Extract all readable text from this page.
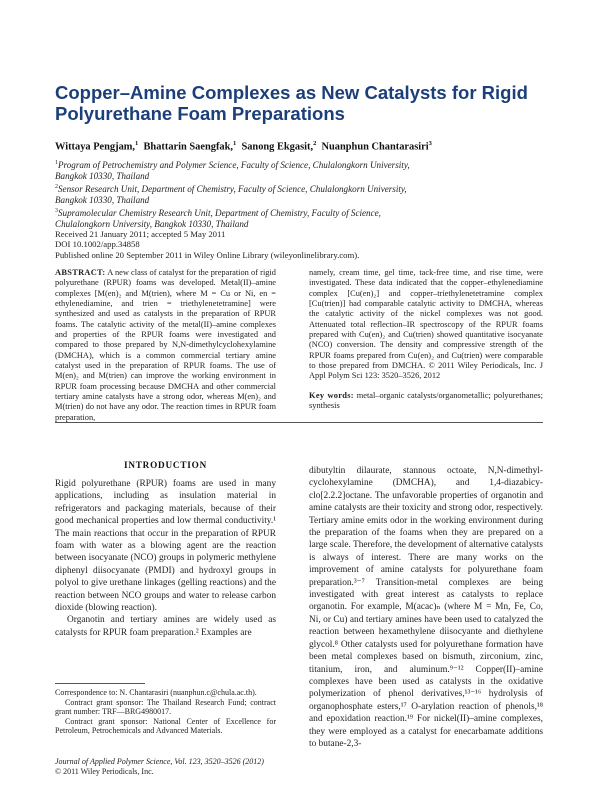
Copper–Amine Complexes as New Catalysts for Rigid
Polyurethane Foam Preparations
Wittaya Pengjam,$^1$ Bhattarin Saengfak,$^1$ Sanong Ekgasit,$^2$ Nuanphun Chantarasiri$^3$

$^1$Program of Petrochemistry and Polymer Science, Faculty of Science, Chulalongkorn University,
Bangkok 10330, Thailand

$^2$Sensor Research Unit, Department of Chemistry, Faculty of Science, Chulalongkorn University,
Bangkok 10330, Thailand

$^3$Supramolecular Chemistry Research Unit, Department of Chemistry, Faculty of Science,
Chulalongkorn University, Bangkok 10330, Thailand

Received 21 January 2011; accepted 5 May 2011
DOI 10.1002/app.34858
Published online 20 September 2011 in Wiley Online Library (wileyonlinelibrary.com).
ABSTRACT: A new class of catalyst for the preparation of rigid polyurethane (RPUR) foams was developed. Metal(II)–amine complexes [M(en)₂ and M(trien), where M = Cu or Ni, en = ethylenediamine, and trien = triethylenetetramine] were synthesized and used as catalysts in the preparation of RPUR foams. The catalytic activity of the metal(II)–amine complexes and properties of the RPUR foams were investigated and compared to those prepared by N,N-dimethylcyclohexylamine (DMCHA), which is a common commercial tertiary amine catalyst used in the preparation of RPUR foams. The use of M(en)₂ and M(trien) can improve the working environment in RPUR foam processing because DMCHA and other commercial tertiary amine catalysts have a strong odor, whereas M(en)₂ and M(trien) do not have any odor. The reaction times in RPUR foam preparation,
namely, cream time, gel time, tack-free time, and rise time, were investigated. These data indicated that the copper–ethylenediamine complex [Cu(en)₂] and copper–triethylenetetramine complex [Cu(trien)] had comparable catalytic activity to DMCHA, whereas the catalytic activity of the nickel complexes was not good. Attenuated total reflection–IR spectroscopy of the RPUR foams prepared with Cu(en)₂ and Cu(trien) showed quantitative isocyanate (NCO) conversion. The density and compressive strength of the RPUR foams prepared from Cu(en)₂ and Cu(trien) were comparable to those prepared from DMCHA. © 2011 Wiley Periodicals, Inc. J Appl Polym Sci 123: 3520–3526, 2012
Key words: metal–organic catalysts/organometallic; polyurethanes; synthesis
INTRODUCTION

Rigid polyurethane (RPUR) foams are used in many applications, including as insulation material in refrigerators and packaging materials, because of their good mechanical properties and low thermal conductivity.¹ The main reactions that occur in the preparation of RPUR foam with water as a blowing agent are the reaction between isocyanate (NCO) groups in polymeric methylene diphenyl diisocyanate (PMDI) and hydroxyl groups in polyol to give urethane linkages (gelling reactions) and the reaction between NCO groups and water to release carbon dioxide (blowing reaction).

Organotin and tertiary amines are widely used as catalysts for RPUR foam preparation.² Examples are

dibutyltin dilaurate, stannous octoate, N,N-dimethylcyclohexylamine (DMCHA), and 1,4-diazabicyclo[2.2.2]octane. The unfavorable properties of organotin and amine catalysts are their toxicity and strong odor, respectively. Tertiary amine emits odor in the working environment during the preparation of the foams when they are prepared on a large scale. Therefore, the development of alternative catalysts is always of interest. There are many works on the improvement of amine catalysts for polyurethane foam preparation.³⁻⁷ Transition-metal complexes are being investigated with great interest as catalysts to replace organotin. For example, M(acac)ₙ (where M = Mn, Fe, Co, Ni, or Cu) and tertiary amines have been used to catalyzed the reaction between hexamethylene diisocyante and diethylene glycol.⁸ Other catalysts used for polyurethane formation have been metal complexes based on bismuth, zirconium, zinc, titanium, iron, and aluminum.⁹⁻¹² Copper(II)–amine complexes have been used as catalysts in the oxidative polymerization of phenol derivatives,¹³⁻¹⁶ hydrolysis of organophosphate esters,¹⁷ O-arylation reaction of phenols,¹⁸ and epoxidation reaction.¹⁹ For nickel(II)–amine complexes, they were employed as a catalyst for enecarbamate additions to butane-2,3-

Correspondence to: N. Chantarasiri (nuanphun.c@chula.ac.th).

Contract grant sponsor: The Thailand Research Fund; contract grant number: TRF—BRG4980017.

Contract grant sponsor: National Center of Excellence for Petroleum, Petrochemicals and Advanced Materials.

Journal of Applied Polymer Science, Vol. 123, 3520–3526 (2012)
© 2011 Wiley Periodicals, Inc.
